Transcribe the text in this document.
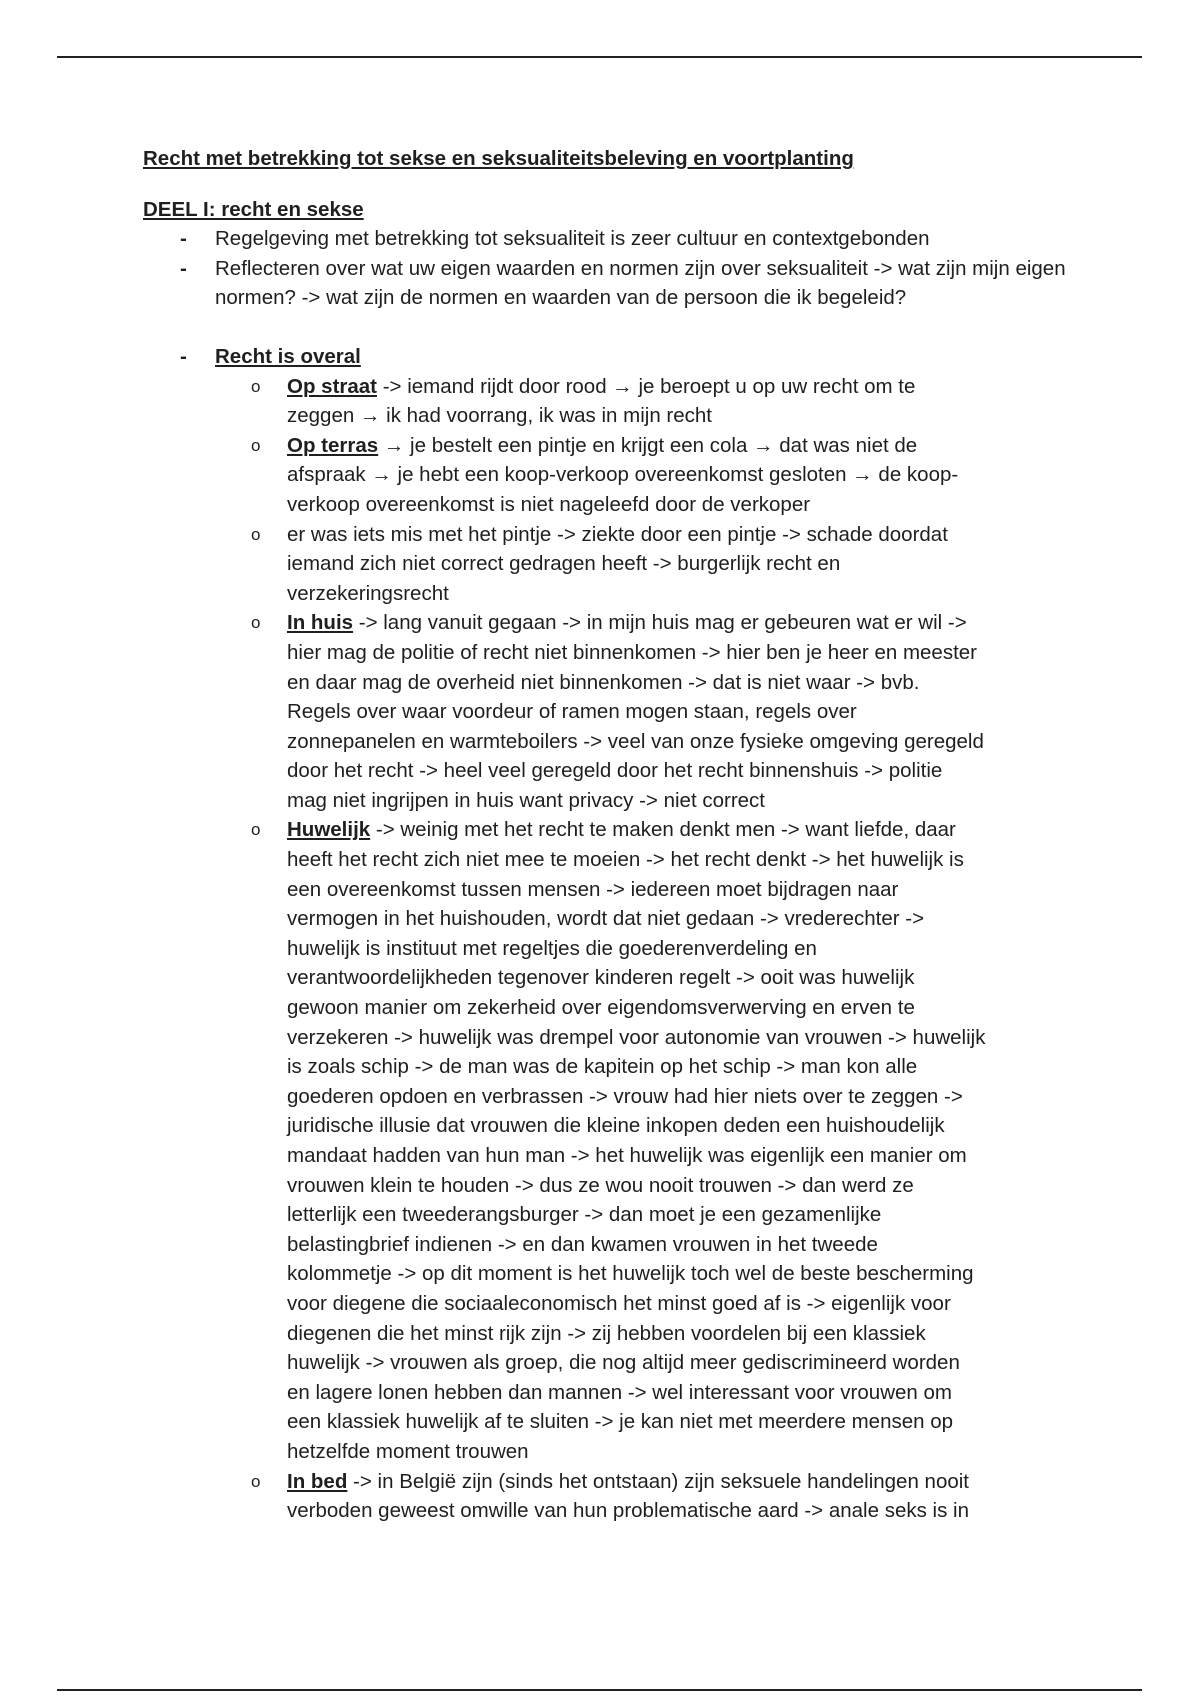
Recht met betrekking tot sekse en seksualiteitsbeleving en voortplanting

DEEL I: recht en sekse

- Regelgeving met betrekking tot seksualiteit is zeer cultuur en contextgebonden
- Reflecteren over wat uw eigen waarden en normen zijn over seksualiteit -> wat zijn mijn eigen normen? -> wat zijn de normen en waarden van de persoon die ik begeleid?
- Recht is overal
o Op straat -> iemand rijdt door rood → je beroept u op uw recht om te zeggen → ik had voorrang, ik was in mijn recht
o Op terras → je bestelt een pintje en krijgt een cola → dat was niet de afspraak → je hebt een koop-verkoop overeenkomst gesloten → de koop-verkoop overeenkomst is niet nageleefd door de verkoper
o er was iets mis met het pintje -> ziekte door een pintje -> schade doordat iemand zich niet correct gedragen heeft -> burgerlijk recht en verzekeringsrecht
o In huis -> lang vanuit gegaan -> in mijn huis mag er gebeuren wat er wil -> hier mag de politie of recht niet binnenkomen -> hier ben je heer en meester en daar mag de overheid niet binnenkomen -> dat is niet waar -> bvb. Regels over waar voordeur of ramen mogen staan, regels over zonnepanelen en warmteboilers -> veel van onze fysieke omgeving geregeld door het recht -> heel veel geregeld door het recht binnenshuis -> politie mag niet ingrijpen in huis want privacy -> niet correct
o Huwelijk -> weinig met het recht te maken denkt men -> want liefde, daar heeft het recht zich niet mee te moeien -> het recht denkt -> het huwelijk is een overeenkomst tussen mensen -> iedereen moet bijdragen naar vermogen in het huishouden, wordt dat niet gedaan -> vrederechter -> huwelijk is instituut met regeltjes die goederenverdeling en verantwoordelijkheden tegenover kinderen regelt -> ooit was huwelijk gewoon manier om zekerheid over eigendomsverwerving en erven te verzekeren -> huwelijk was drempel voor autonomie van vrouwen -> huwelijk is zoals schip -> de man was de kapitein op het schip -> man kon alle goederen opdoen en verbrassen -> vrouw had hier niets over te zeggen -> juridische illusie dat vrouwen die kleine inkopen deden een huishoudelijk mandaat hadden van hun man -> het huwelijk was eigenlijk een manier om vrouwen klein te houden -> dus ze wou nooit trouwen -> dan werd ze letterlijk een tweederangsburger -> dan moet je een gezamenlijke belastingbrief indienen -> en dan kwamen vrouwen in het tweede kolommetje -> op dit moment is het huwelijk toch wel de beste bescherming voor diegene die sociaaleconomisch het minst goed af is -> eigenlijk voor diegenen die het minst rijk zijn -> zij hebben voordelen bij een klassiek huwelijk -> vrouwen als groep, die nog altijd meer gediscrimineerd worden en lagere lonen hebben dan mannen -> wel interessant voor vrouwen om een klassiek huwelijk af te sluiten -> je kan niet met meerdere mensen op hetzelfde moment trouwen
o In bed -> in België zijn (sinds het ontstaan) zijn seksuele handelingen nooit verboden geweest omwille van hun problematische aard -> anale seks is in
